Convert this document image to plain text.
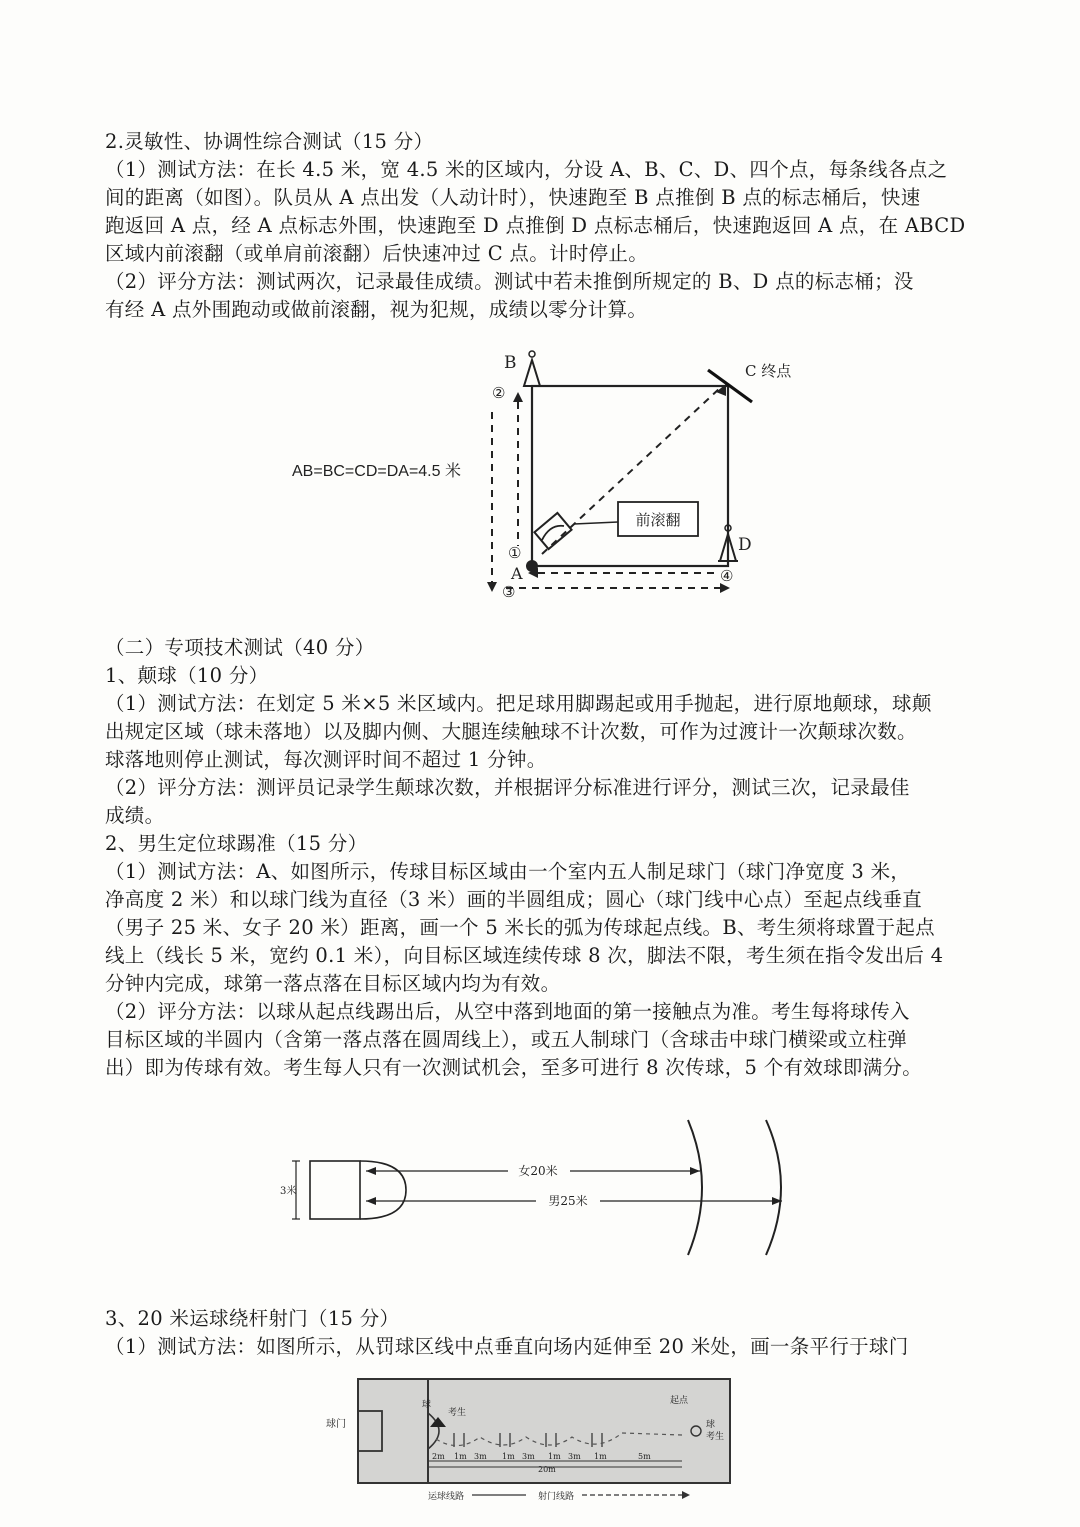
2.灵敏性、协调性综合测试（15 分）
（1）测试方法：在长 4.5 米，宽 4.5 米的区域内，分设 A、B、C、D、四个点，每条线各点之
间的距离（如图）。队员从 A 点出发（人动计时），快速跑至 B 点推倒 B 点的标志桶后，快速
跑返回 A 点，经 A 点标志外围，快速跑至 D 点推倒 D 点标志桶后，快速跑返回 A 点，在 ABCD
区域内前滚翻（或单肩前滚翻）后快速冲过 C 点。计时停止。
（2）评分方法：测试两次，记录最佳成绩。测试中若未推倒所规定的 B、D 点的标志桶；没
有经 A 点外围跑动或做前滚翻，视为犯规，成绩以零分计算。
B	C 终点
D
A
②
①
③
④
前滚翻
AB=BC=CD=DA=4.5 米
（二）专项技术测试（40 分）
1、颠球（10 分）
（1）测试方法：在划定 5 米×5 米区域内。把足球用脚踢起或用手抛起，进行原地颠球，球颠
出规定区域（球未落地）以及脚内侧、大腿连续触球不计次数，可作为过渡计一次颠球次数。
球落地则停止测试，每次测评时间不超过 1 分钟。
（2）评分方法：测评员记录学生颠球次数，并根据评分标准进行评分，测试三次，记录最佳
成绩。
2、男生定位球踢准（15 分）
（1）测试方法：A、如图所示，传球目标区域由一个室内五人制足球门（球门净宽度 3 米，
净高度 2 米）和以球门线为直径（3 米）画的半圆组成；圆心（球门线中心点）至起点线垂直
（男子 25 米、女子 20 米）距离，画一个 5 米长的弧为传球起点线。B、考生须将球置于起点
线上（线长 5 米，宽约 0.1 米），向目标区域连续传球 8 次，脚法不限，考生须在指令发出后 4
分钟内完成，球第一落点落在目标区域内均为有效。
（2）评分方法：以球从起点线踢出后，从空中落到地面的第一接触点为准。考生每将球传入
目标区域的半圆内（含第一落点落在圆周线上），或五人制球门（含球击中球门横梁或立柱弹
出）即为传球有效。考生每人只有一次测试机会，至多可进行 8 次传球，5 个有效球即满分。
3米
女20米
男25米
3、20 米运球绕杆射门（15 分）
（1）测试方法：如图所示，从罚球区线中点垂直向场内延伸至 20 米处，画一条平行于球门
球门
球
考生
起点
球
考生
2m 1m 3m 1m 3m 1m 3m 1m	5m
20m
运球线路	射门线路
